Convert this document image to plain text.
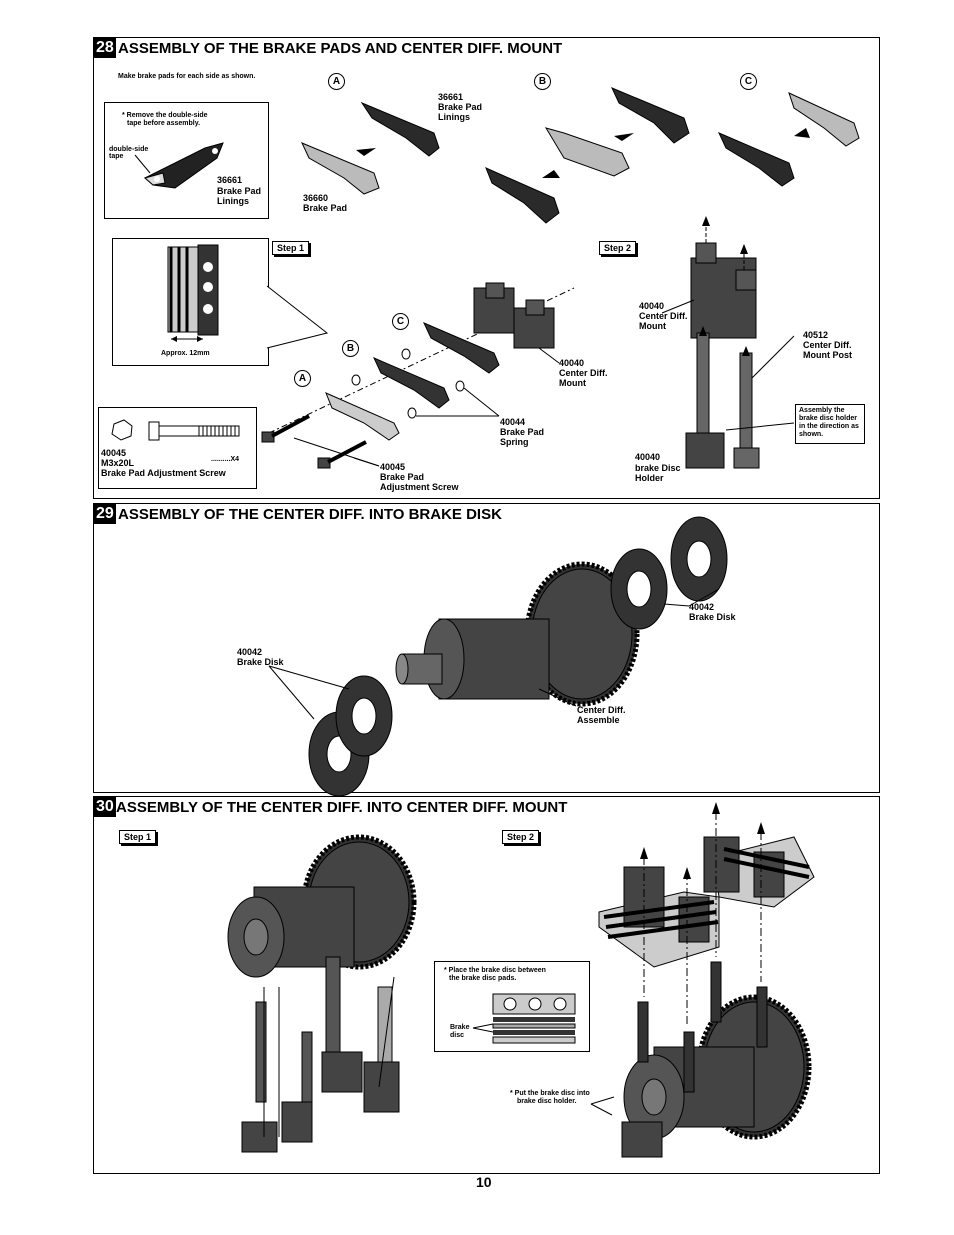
28 ASSEMBLY OF THE BRAKE PADS AND CENTER DIFF. MOUNT
Make brake pads for each side as shown.
* Remove the double-side
tape before assembly.
double-side
tape
36661
Brake Pad
Linings
A	B	C
36661
Brake Pad
Linings
36660
Brake Pad
Approx. 12mm
Step 1	Step 2
..........X4
40045
M3x20L
Brake Pad Adjustment Screw
A
B
C
40040
Center Diff.
Mount
40044
Brake Pad
Spring
40045
Brake Pad
Adjustment Screw
40040
Center Diff.
Mount
40512
Center Diff.
Mount Post
Assembly the
brake disc holder
in the direction as
shown.
40040
brake Disc
Holder
29 ASSEMBLY OF THE CENTER DIFF. INTO BRAKE DISK
40042
Brake Disk
40042
Brake Disk
Center Diff.
Assemble
30 ASSEMBLY OF THE CENTER DIFF. INTO CENTER DIFF. MOUNT
Step 1	Step 2
* Place the brake disc between
the brake disc pads.
Brake
disc
* Put the brake disc into
brake disc holder.
10
